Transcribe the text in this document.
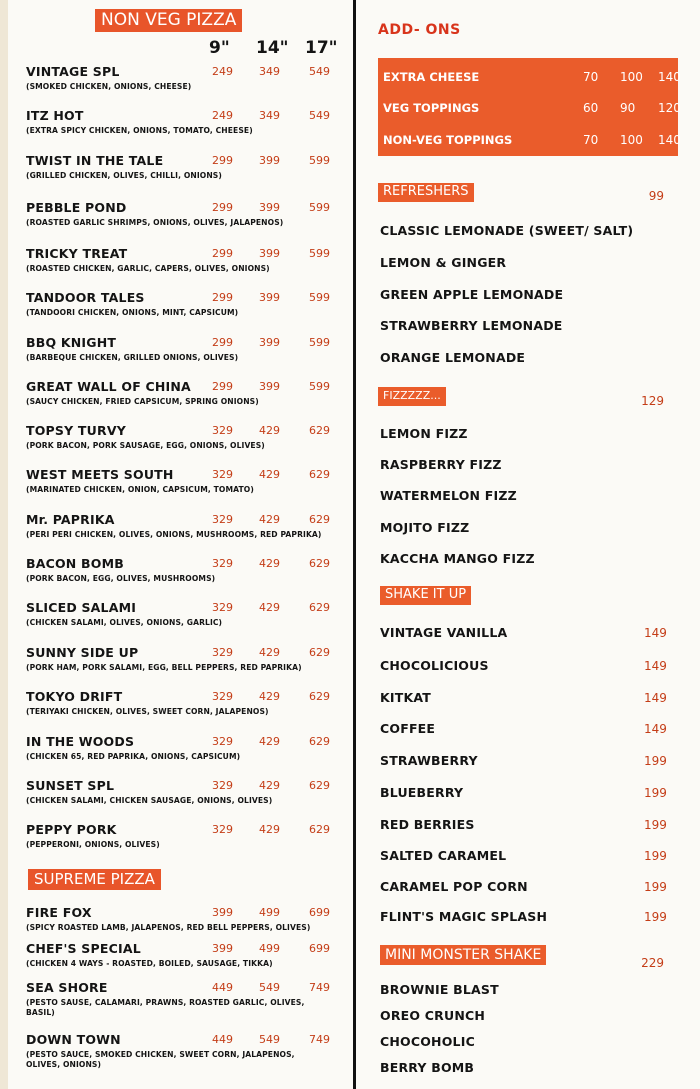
NON VEG PIZZA
9" 14" 17"
VINTAGE SPL
(SMOKED CHICKEN, ONIONS, CHEESE)
249 349	549
ITZ HOT
(EXTRA SPICY CHICKEN, ONIONS, TOMATO, CHEESE)
249 349	549
TWIST IN THE TALE
(GRILLED CHICKEN, OLIVES, CHILLI, ONIONS)
299 399	599
PEBBLE POND
(ROASTED GARLIC SHRIMPS, ONIONS, OLIVES, JALAPENOS)
299 399	599
TRICKY TREAT
(ROASTED CHICKEN, GARLIC, CAPERS, OLIVES, ONIONS)
299 399	599
TANDOOR TALES
(TANDOORI CHICKEN, ONIONS, MINT, CAPSICUM)
299 399	599
BBQ KNIGHT
(BARBEQUE CHICKEN, GRILLED ONIONS, OLIVES)
299 399	599
GREAT WALL OF CHINA
(SAUCY CHICKEN, FRIED CAPSICUM, SPRING ONIONS)
299 399	599
TOPSY TURVY
(PORK BACON, PORK SAUSAGE, EGG, ONIONS, OLIVES)
329 429	629
WEST MEETS SOUTH
(MARINATED CHICKEN, ONION, CAPSICUM, TOMATO)
329 429	629
Mr. PAPRIKA
(PERI PERI CHICKEN, OLIVES, ONIONS, MUSHROOMS, RED PAPRIKA)
329 429	629
BACON BOMB
(PORK BACON, EGG, OLIVES, MUSHROOMS)
329 429	629
SLICED SALAMI
(CHICKEN SALAMI, OLIVES, ONIONS, GARLIC)
329 429	629
SUNNY SIDE UP
(PORK HAM, PORK SALAMI, EGG, BELL PEPPERS, RED PAPRIKA)
329 429	629
TOKYO DRIFT
(TERIYAKI CHICKEN, OLIVES, SWEET CORN, JALAPENOS)
329 429	629
IN THE WOODS
(CHICKEN 65, RED PAPRIKA, ONIONS, CAPSICUM)
329 429	629
SUNSET SPL
(CHICKEN SALAMI, CHICKEN SAUSAGE, ONIONS, OLIVES)
329 429	629
PEPPY PORK
(PEPPERONI, ONIONS, OLIVES)
329 429	629
SUPREME PIZZA
FIRE FOX
(SPICY ROASTED LAMB, JALAPENOS, RED BELL PEPPERS, OLIVES)
399 499	699
CHEF'S SPECIAL
(CHICKEN 4 WAYS - ROASTED, BOILED, SAUSAGE, TIKKA)
399 499	699
SEA SHORE
(PESTO SAUSE, CALAMARI, PRAWNS, ROASTED GARLIC, OLIVES, BASIL)
449 549	749
DOWN TOWN
(PESTO SAUCE, SMOKED CHICKEN, SWEET CORN, JALAPENOS, OLIVES, ONIONS)
449 549	749
ADD- ONS
EXTRA CHEESE	70 100 140
VEG TOPPINGS	60 90 120
NON-VEG TOPPINGS	70 100 140
REFRESHERS	99
CLASSIC LEMONADE (SWEET/ SALT)
LEMON & GINGER
GREEN APPLE LEMONADE
STRAWBERRY LEMONADE
ORANGE LEMONADE
FIZZZZZ...	129
LEMON FIZZ
RASPBERRY FIZZ
WATERMELON FIZZ
MOJITO FIZZ
KACCHA MANGO FIZZ
SHAKE IT UP
VINTAGE VANILLA	149
CHOCOLICIOUS	149
KITKAT	149
COFFEE	149
STRAWBERRY	199
BLUEBERRY	199
RED BERRIES	199
SALTED CARAMEL	199
CARAMEL POP CORN	199
FLINT'S MAGIC SPLASH	199
MINI MONSTER SHAKE	229
BROWNIE BLAST
OREO CRUNCH
CHOCOHOLIC
BERRY BOMB
